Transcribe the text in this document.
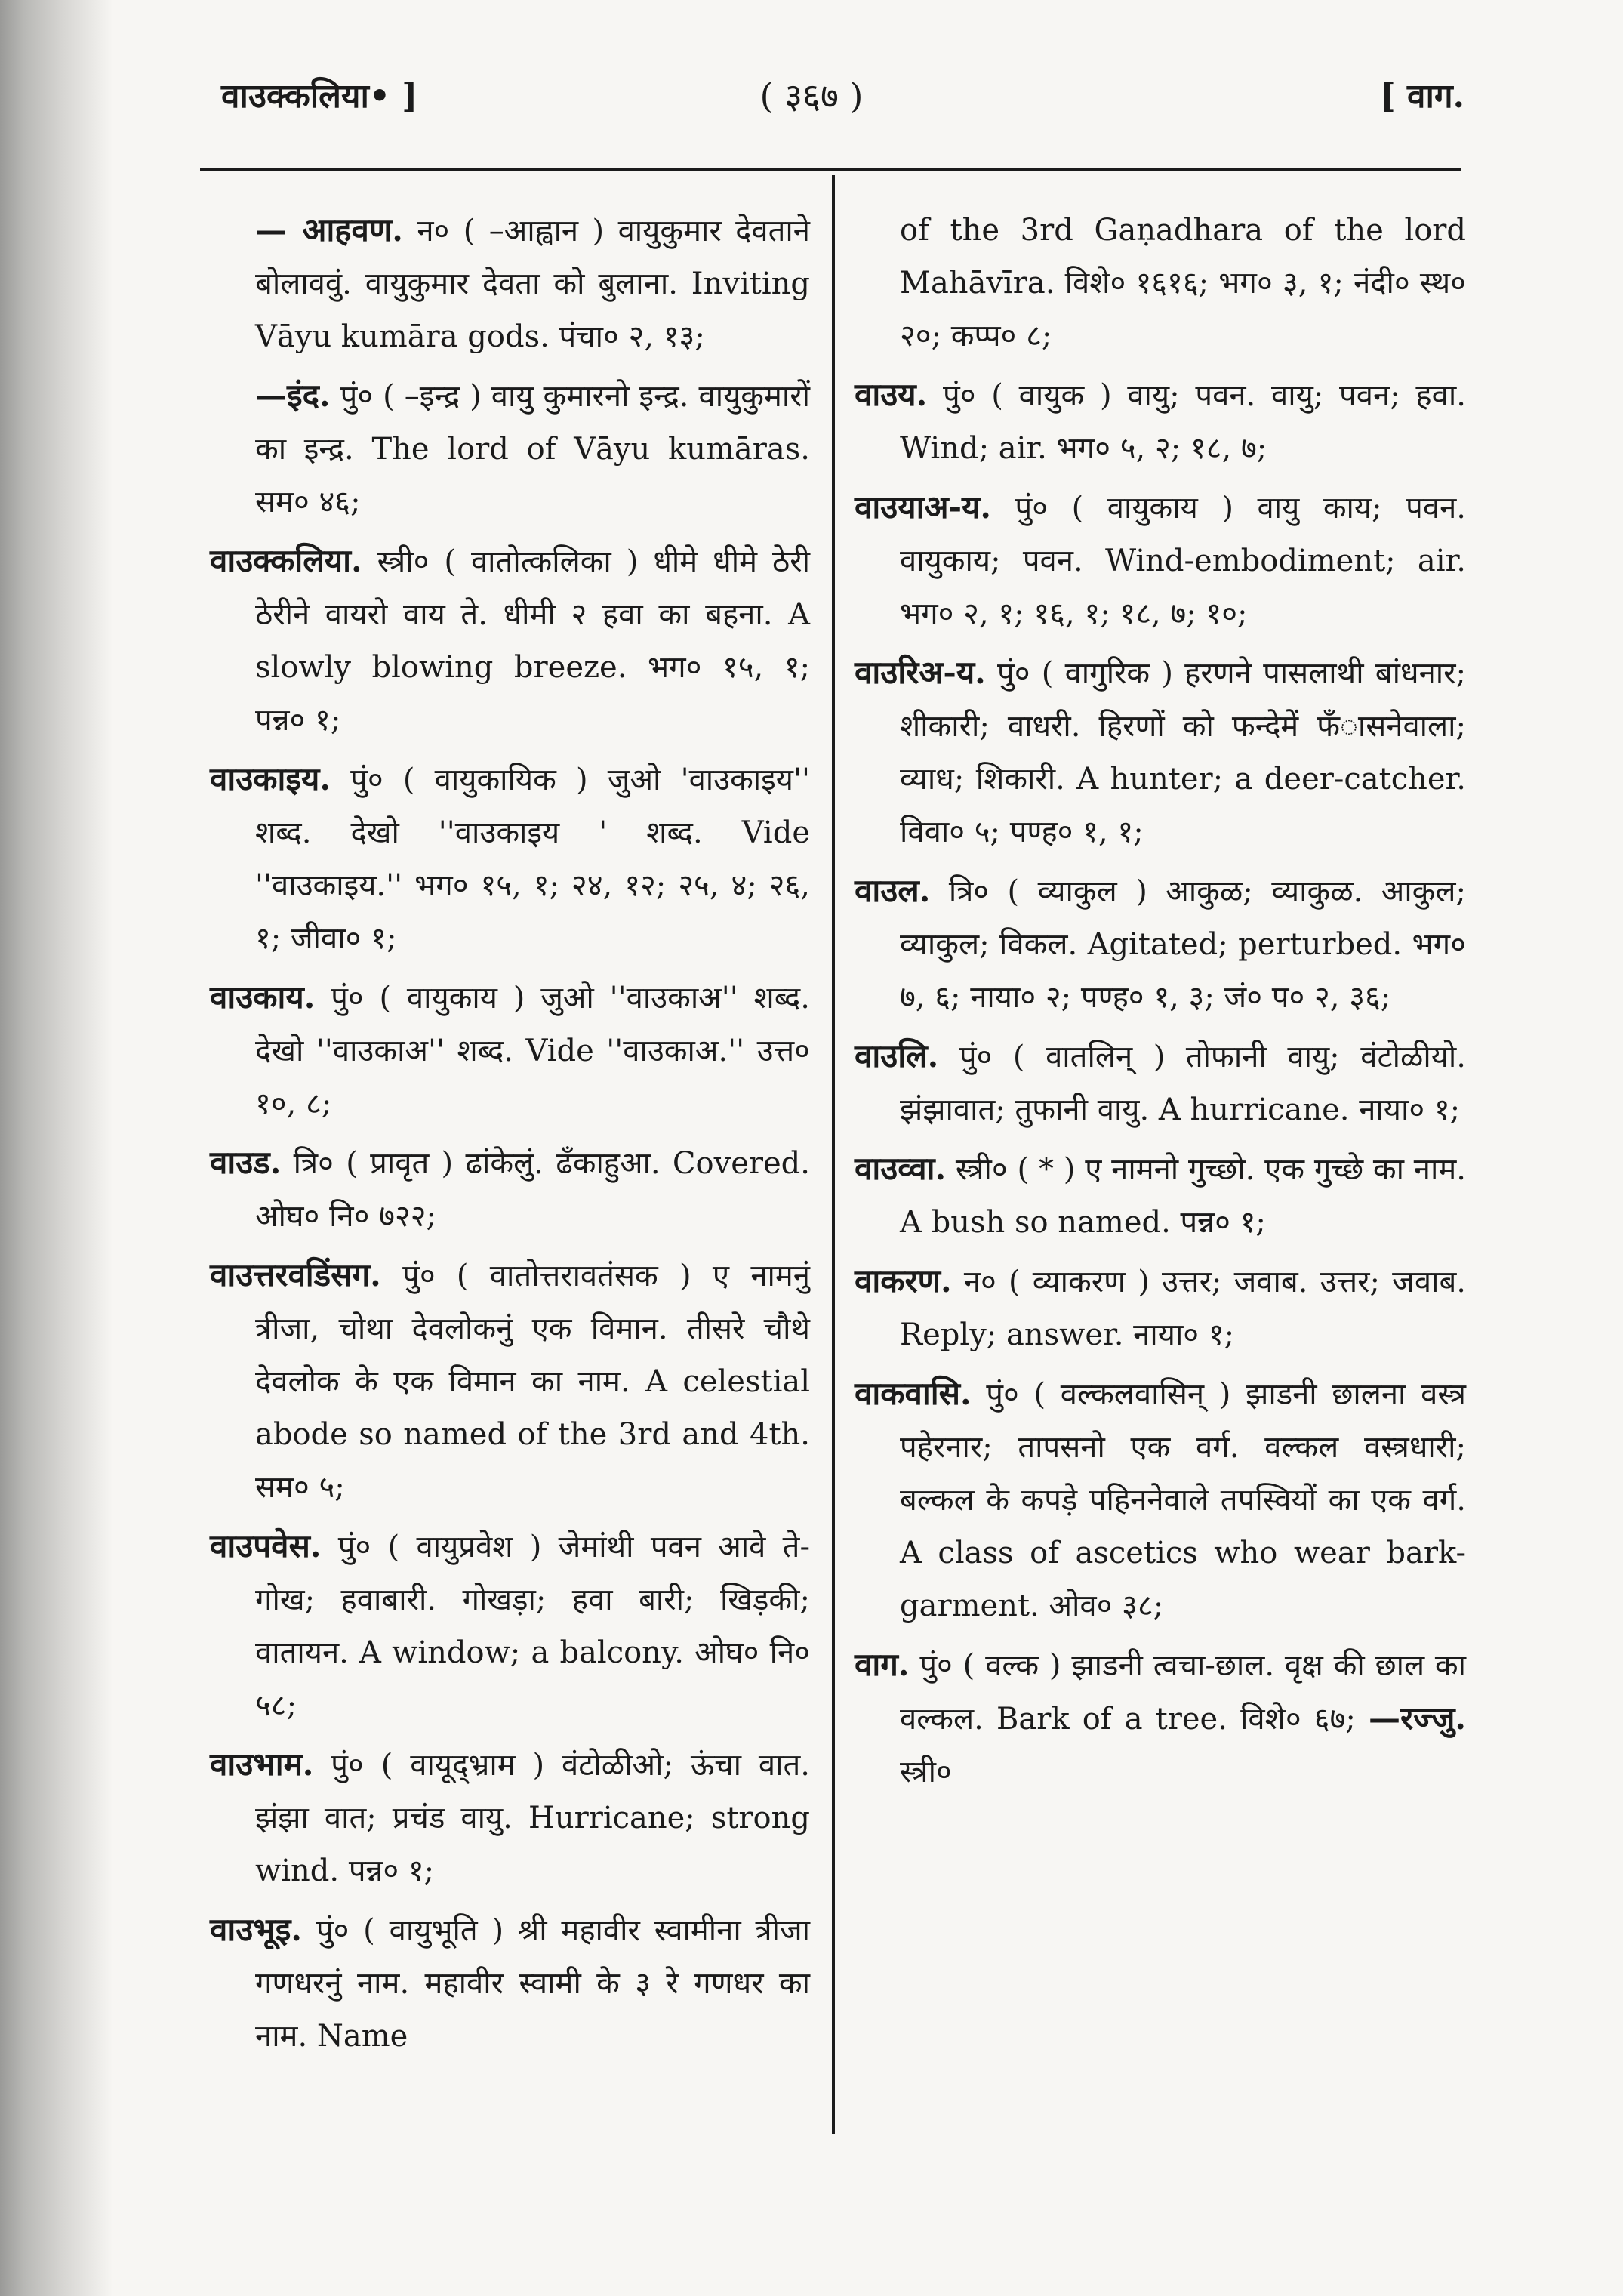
वाउक्कलिया• ]	( ३६७ )	[ वाग.

— आहवण. न० ( –आह्वान ) वायुकुमार देवताने बोलाववुं. वायुकुमार देवता को बुलाना. Inviting Vāyu kumāra gods. पंचा० २, १३;

—इंद. पुं० ( –इन्द्र ) वायु कुमारनो इन्द्र. वायुकुमारों का इन्द्र. The lord of Vāyu kumāras. सम० ४६;

वाउक्कलिया. स्त्री० ( वातोत्कलिका ) धीमे धीमे ठेरी ठेरीने वायरो वाय ते. धीमी २ हवा का बहना. A slowly blowing breeze. भग० १५, १; पन्न० १;

वाउकाइय. पुं० ( वायुकायिक ) जुओ 'वाउकाइय'' शब्द. देखो ''वाउकाइय ' शब्द. Vide ''वाउकाइय.'' भग० १५, १; २४, १२; २५, ४; २६, १; जीवा० १;

वाउकाय. पुं० ( वायुकाय ) जुओ ''वाउकाअ'' शब्द. देखो ''वाउकाअ'' शब्द. Vide ''वाउकाअ.'' उत्त० १०, ८;

वाउड. त्रि० ( प्रावृत ) ढांकेलुं. ढँकाहुआ. Covered. ओघ० नि० ७२२;

वाउत्तरवडिंसग. पुं० ( वातोत्तरावतंसक ) ए नामनुं त्रीजा, चोथा देवलोकनुं एक विमान. तीसरे चौथे देवलोक के एक विमान का नाम. A celestial abode so named of the 3rd and 4th. सम० ५;

वाउपवेस. पुं० ( वायुप्रवेश ) जेमांथी पवन आवे ते-गोख; हवाबारी. गोखड़ा; हवा बारी; खिड़की; वातायन. A window; a balcony. ओघ० नि० ५८;

वाउभाम. पुं० ( वायूद्भ्राम ) वंटोळीओ; ऊंचा वात. झंझा वात; प्रचंड वायु. Hurricane; strong wind. पन्न० १;

वाउभूइ. पुं० ( वायुभूति ) श्री महावीर स्वामीना त्रीजा गणधरनुं नाम. महावीर स्वामी के ३ रे गणधर का नाम. Name

of the 3rd Gaṇadhara of the lord Mahāvīra. विशे० १६१६; भग० ३, १; नंदी० स्थ० २०; कप्प० ८;

वाउय. पुं० ( वायुक ) वायु; पवन. वायु; पवन; हवा. Wind; air. भग० ५, २; १८, ७;

वाउयाअ-य. पुं० ( वायुकाय ) वायु काय; पवन. वायुकाय; पवन. Wind-embodiment; air. भग० २, १; १६, १; १८, ७; १०;

वाउरिअ-य. पुं० ( वागुरिक ) हरणने पासलाथी बांधनार; शीकारी; वाधरी. हिरणों को फन्देमें फँासनेवाला; व्याध; शिकारी. A hunter; a deer-catcher. विवा० ५; पण्ह० १, १;

वाउल. त्रि० ( व्याकुल ) आकुळ; व्याकुळ. आकुल; व्याकुल; विकल. Agitated; perturbed. भग० ७, ६; नाया० २; पण्ह० १, ३; जं० प० २, ३६;

वाउलि. पुं० ( वातलिन् ) तोफानी वायु; वंटोळीयो. झंझावात; तुफानी वायु. A hurricane. नाया० १;

वाउव्वा. स्त्री० ( * ) ए नामनो गुच्छो. एक गुच्छे का नाम. A bush so named. पन्न० १;

वाकरण. न० ( व्याकरण ) उत्तर; जवाब. उत्तर; जवाब. Reply; answer. नाया० १;

वाकवासि. पुं० ( वल्कलवासिन् ) झाडनी छालना वस्त्र पहेरनार; तापसनो एक वर्ग. वल्कल वस्त्रधारी; बल्कल के कपड़े पहिननेवाले तपस्वियों का एक वर्ग. A class of ascetics who wear bark-garment. ओव० ३८;

वाग. पुं० ( वल्क ) झाडनी त्वचा-छाल. वृक्ष की छाल का वल्कल. Bark of a tree. विशे० ६७; —रज्जु. स्त्री०
